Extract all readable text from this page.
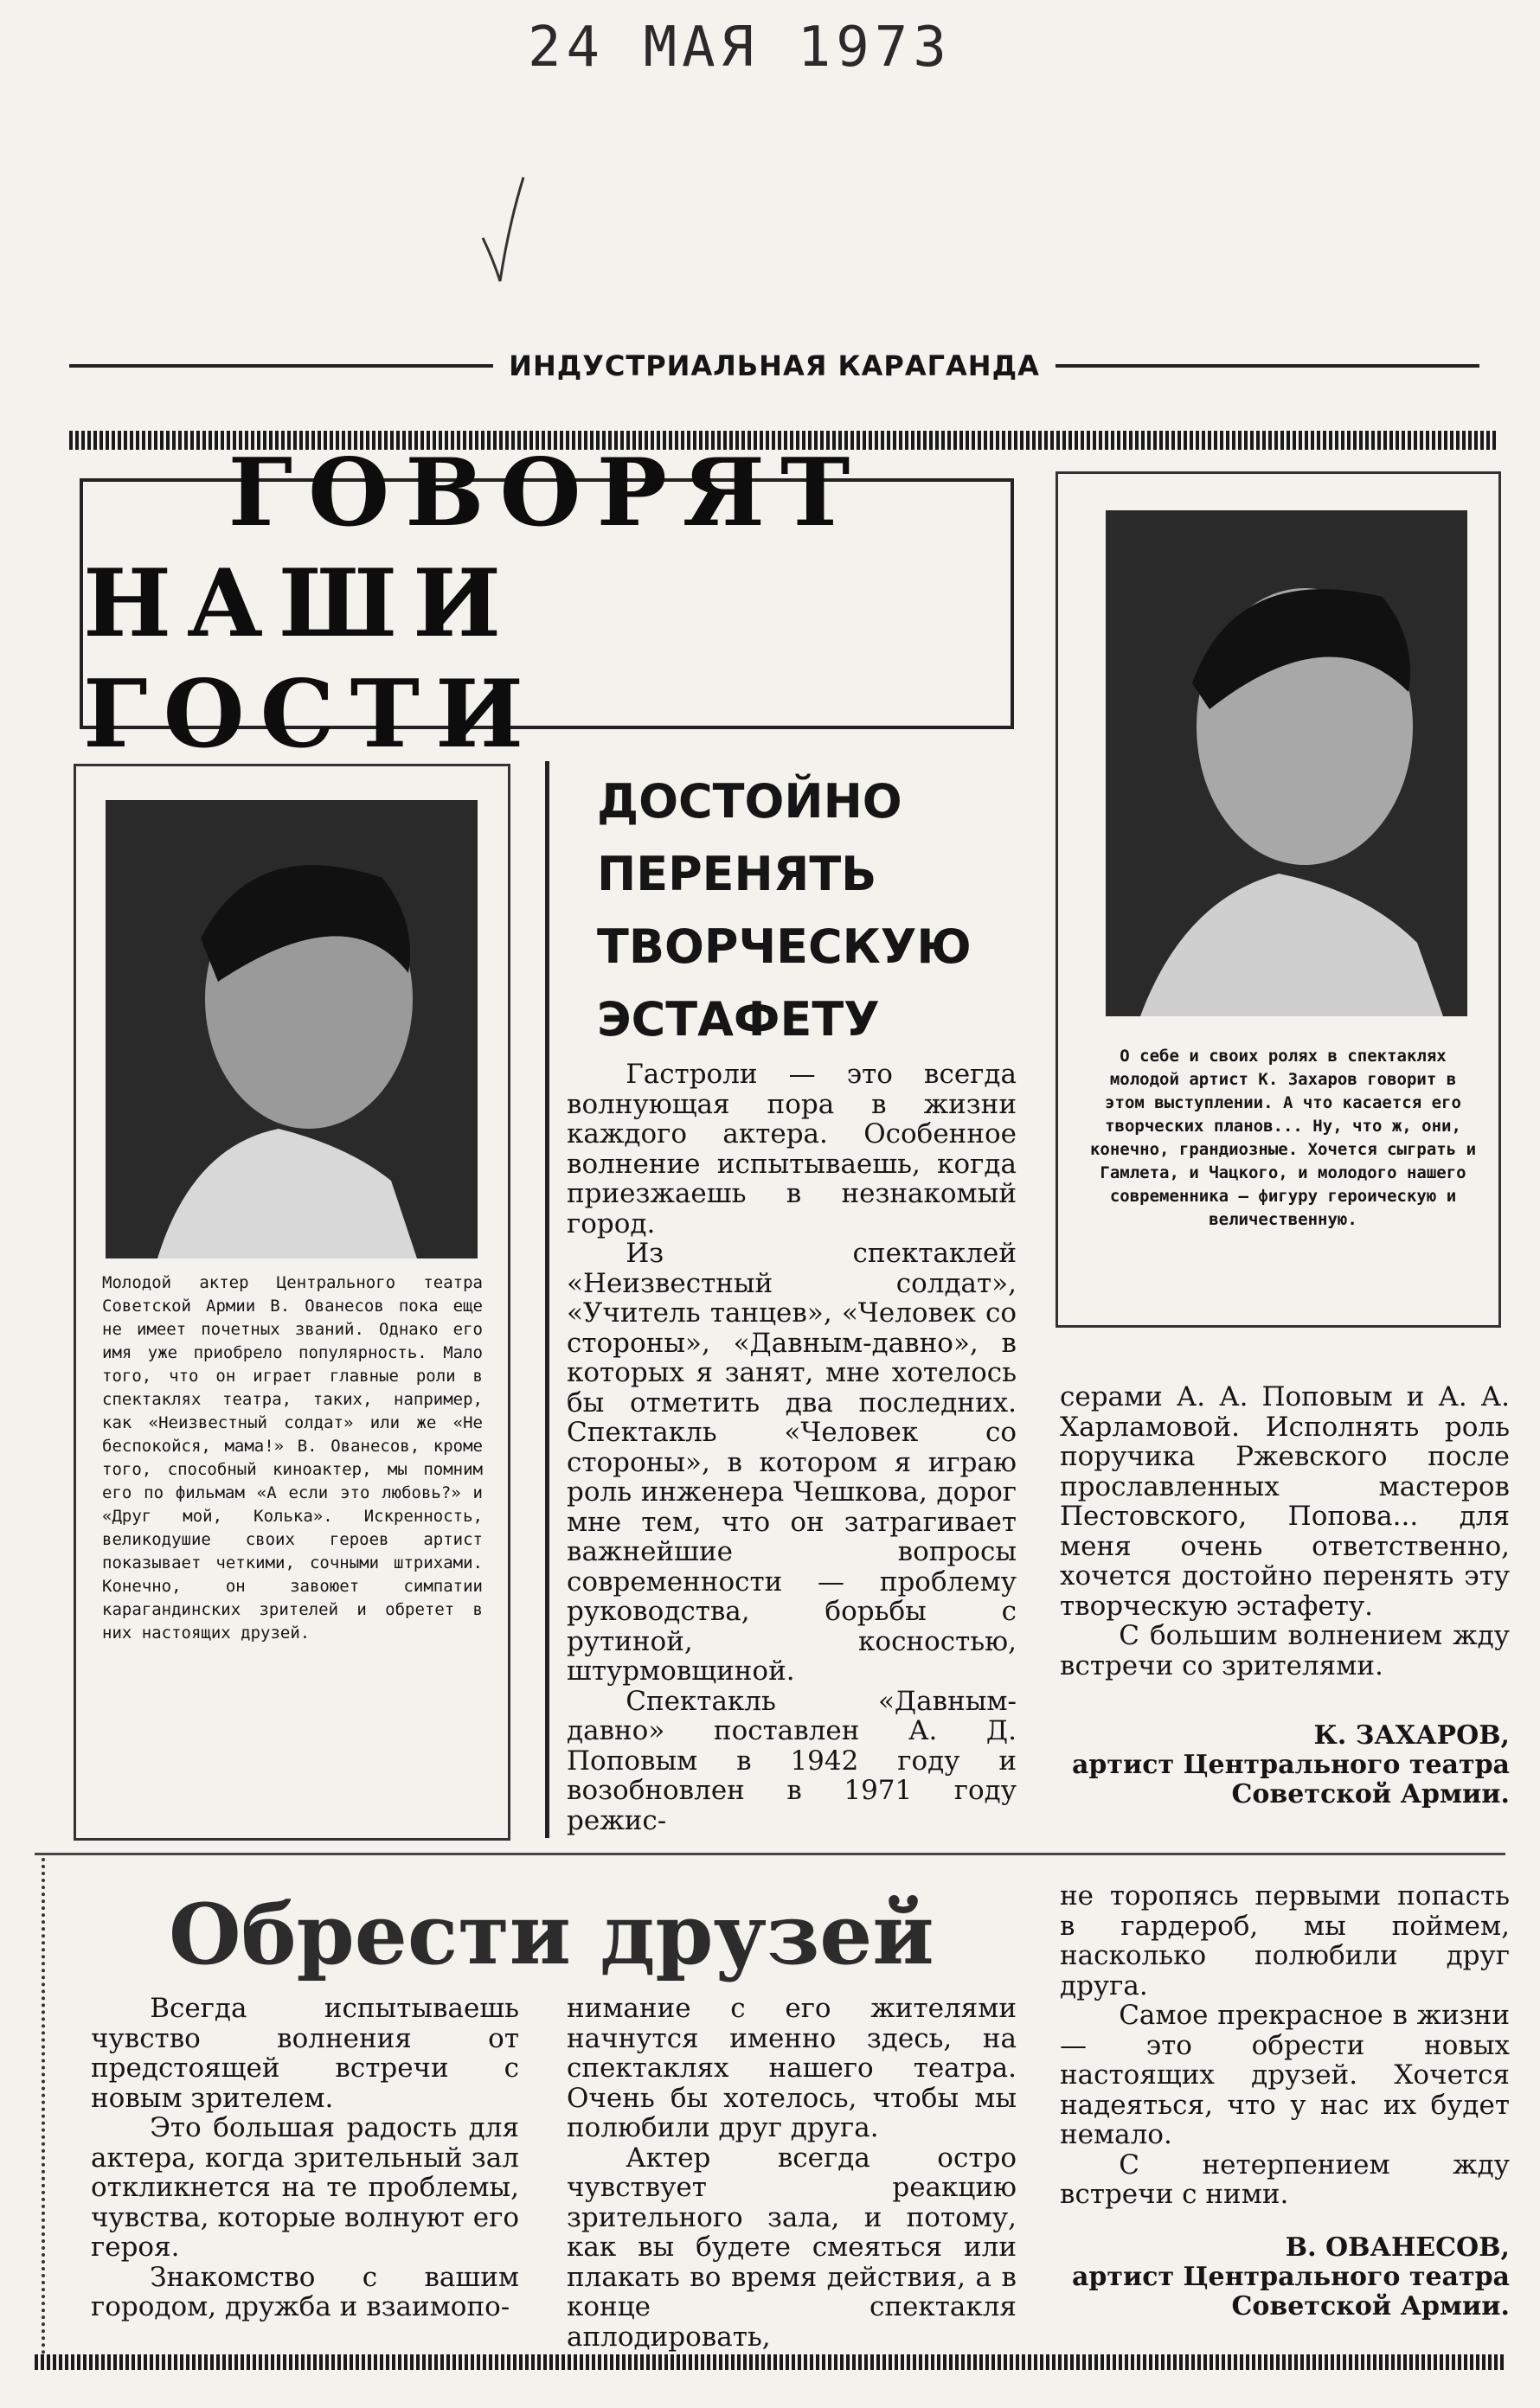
24 МАЯ 1973
ИНДУСТРИАЛЬНАЯ КАРАГАНДА
ГОВОРЯТ
НАШИ ГОСТИ
Молодой актер Центрального театра Советской Армии В. Ованесов пока еще не имеет почетных званий. Однако его имя уже приобрело популярность. Мало того, что он играет главные роли в спектаклях театра, таких, например, как «Неизвестный солдат» или же «Не беспокойся, мама!» В. Ованесов, кроме того, способный киноактер, мы помним его по фильмам «А если это любовь?» и «Друг мой, Колька». Искренность, великодушие своих героев артист показывает четкими, сочными штрихами. Конечно, он завоюет симпатии карагандинских зрителей и обретет в них настоящих друзей.
О себе и своих ролях в спектаклях молодой артист К. Захаров говорит в этом выступлении. А что касается его творческих планов... Ну, что ж, они, конечно, грандиозные. Хочется сыграть и Гамлета, и Чацкого, и молодого нашего современника — фигуру героическую и величественную.
ДОСТОЙНО
ПЕРЕНЯТЬ
ТВОРЧЕСКУЮ
ЭСТАФЕТУ

Гастроли — это всегда волнующая пора в жизни каждого актера. Особенное волнение испытываешь, когда приезжаешь в незнакомый город.

Из спектаклей «Неизвестный солдат», «Учитель танцев», «Человек со стороны», «Давным-давно», в которых я занят, мне хотелось бы отметить два последних. Спектакль «Человек со стороны», в котором я играю роль инженера Чешкова, дорог мне тем, что он затрагивает важнейшие вопросы современности — проблему руководства, борьбы с рутиной, косностью, штурмовщиной.

Спектакль «Давным-давно» поставлен А. Д. Поповым в 1942 году и возобновлен в 1971 году режис-

серами А. А. Поповым и А. А. Харламовой. Исполнять роль поручика Ржевского после прославленных мастеров Пестовского, Попова... для меня очень ответственно, хочется достойно перенять эту творческую эстафету.

С большим волнением жду встречи со зрителями.

К. ЗАХАРОВ,
артист Центрального театра Советской Армии.
Обрести друзей

Всегда испытываешь чувство волнения от предстоящей встречи с новым зрителем.

Это большая радость для актера, когда зрительный зал откликнется на те проблемы, чувства, которые волнуют его героя.

Знакомство с вашим городом, дружба и взаимопо-

нимание с его жителями начнутся именно здесь, на спектаклях нашего театра. Очень бы хотелось, чтобы мы полюбили друг друга.

Актер всегда остро чувствует реакцию зрительного зала, и потому, как вы будете смеяться или плакать во время действия, а в конце спектакля аплодировать,

не торопясь первыми попасть в гардероб, мы поймем, насколько полюбили друг друга.

Самое прекрасное в жизни — это обрести новых настоящих друзей. Хочется надеяться, что у нас их будет немало.

С нетерпением жду встречи с ними.

В. ОВАНЕСОВ,
артист Центрального театра Советской Армии.
